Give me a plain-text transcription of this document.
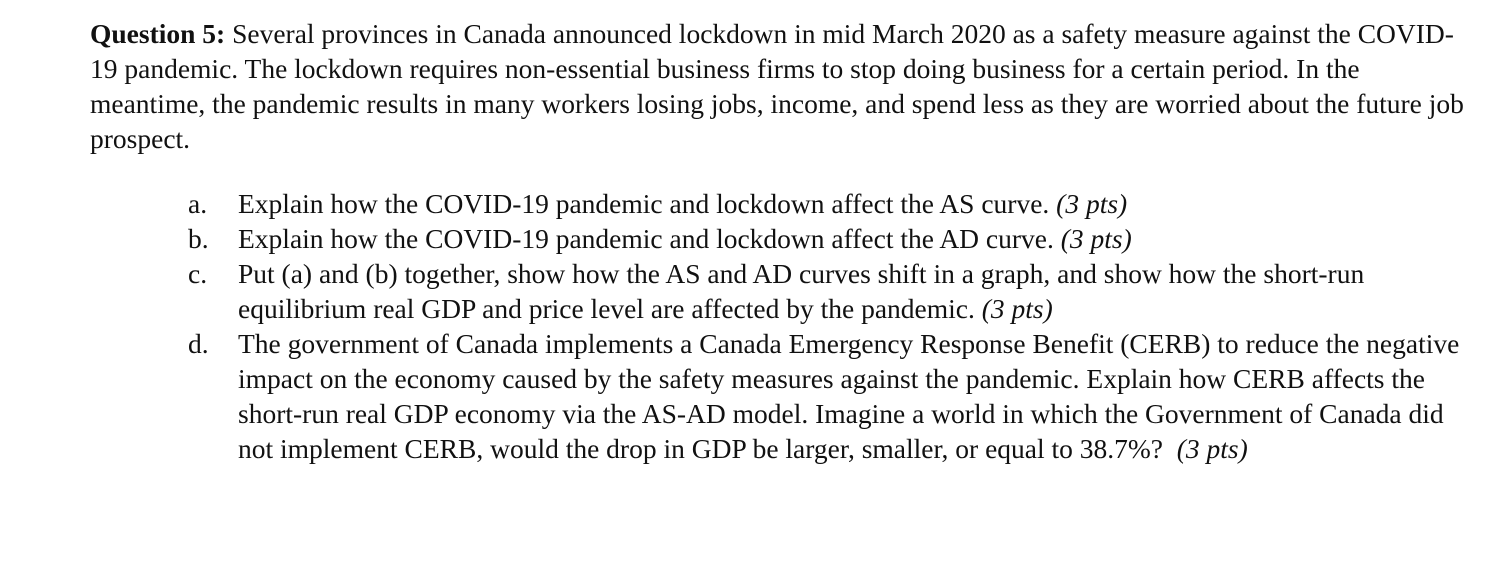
Question 5: Several provinces in Canada announced lockdown in mid March 2020 as a safety measure against the COVID-19 pandemic. The lockdown requires non-essential business firms to stop doing business for a certain period. In the meantime, the pandemic results in many workers losing jobs, income, and spend less as they are worried about the future job prospect.

a. Explain how the COVID-19 pandemic and lockdown affect the AS curve. (3 pts)
b. Explain how the COVID-19 pandemic and lockdown affect the AD curve. (3 pts)
c. Put (a) and (b) together, show how the AS and AD curves shift in a graph, and show how the short-run equilibrium real GDP and price level are affected by the pandemic. (3 pts)
d. The government of Canada implements a Canada Emergency Response Benefit (CERB) to reduce the negative impact on the economy caused by the safety measures against the pandemic. Explain how CERB affects the short-run real GDP economy via the AS-AD model. Imagine a world in which the Government of Canada did not implement CERB, would the drop in GDP be larger, smaller, or equal to 38.7%? (3 pts)
